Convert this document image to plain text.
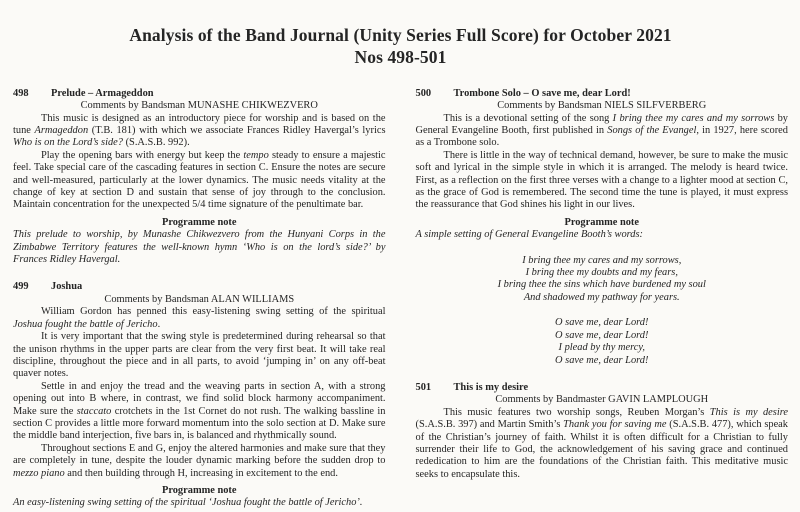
Analysis of the Band Journal (Unity Series Full Score) for October 2021
Nos 498-501
498	Prelude – Armageddon
Comments by Bandsman MUNASHE CHIKWEZVERO

This music is designed as an introductory piece for worship and is based on the tune Armageddon (T.B. 181) with which we associate Frances Ridley Havergal’s lyrics Who is on the Lord’s side? (S.A.S.B. 992).

Play the opening bars with energy but keep the tempo steady to ensure a majestic feel. Take special care of the cascading features in section C. Ensure the notes are secure and well-measured, particularly at the lower dynamics. The music needs vitality at the change of key at section D and sustain that sense of joy through to the conclusion. Maintain concentration for the unexpected 5/4 time signature of the penultimate bar.

Programme note

This prelude to worship, by Munashe Chikwezvero from the Hunyani Corps in the Zimbabwe Territory features the well-known hymn ‘Who is on the lord’s side?’ by Frances Ridley Havergal.

499	Joshua
Comments by Bandsman ALAN WILLIAMS

William Gordon has penned this easy-listening swing setting of the spiritual Joshua fought the battle of Jericho.

It is very important that the swing style is predetermined during rehearsal so that the unison rhythms in the upper parts are clear from the very first beat. It will take real discipline, throughout the piece and in all parts, to avoid ‘jumping in’ on any off-beat quaver notes.

Settle in and enjoy the tread and the weaving parts in section A, with a strong opening out into B where, in contrast, we find solid block harmony accompaniment. Make sure the staccato crotchets in the 1st Cornet do not rush. The walking bassline in section C provides a little more forward momentum into the solo section at D. Make sure the middle band interjection, five bars in, is balanced and rhythmically sound.

Throughout sections E and G, enjoy the altered harmonies and make sure that they are completely in tune, despite the louder dynamic marking before the sudden drop to mezzo piano and then building through H, increasing in excitement to the end.

Programme note

An easy-listening swing setting of the spiritual ‘Joshua fought the battle of Jericho’.

500	Trombone Solo – O save me, dear Lord!
Comments by Bandsman NIELS SILFVERBERG

This is a devotional setting of the song I bring thee my cares and my sorrows by General Evangeline Booth, first published in Songs of the Evangel, in 1927, here scored as a Trombone solo.

There is little in the way of technical demand, however, be sure to make the music soft and lyrical in the simple style in which it is arranged. The melody is heard twice. First, as a reflection on the first three verses with a change to a lighter mood at section C, as the grace of God is remembered. The second time the tune is played, it must express the reassurance that God shines his light in our lives.

Programme note

A simple setting of General Evangeline Booth’s words:

I bring thee my cares and my sorrows,
I bring thee my doubts and my fears,
I bring thee the sins which have burdened my soul
And shadowed my pathway for years.
O save me, dear Lord!
O save me, dear Lord!
I plead by thy mercy,
O save me, dear Lord!
501	This is my desire
Comments by Bandmaster GAVIN LAMPLOUGH

This music features two worship songs, Reuben Morgan’s This is my desire (S.A.S.B. 397) and Martin Smith’s Thank you for saving me (S.A.S.B. 477), which speak of the Christian’s journey of faith. Whilst it is often difficult for a Christian to fully surrender their life to God, the acknowledgement of his saving grace and continued rededication to him are the foundations of the Christian faith. This meditative music seeks to encapsulate this.
